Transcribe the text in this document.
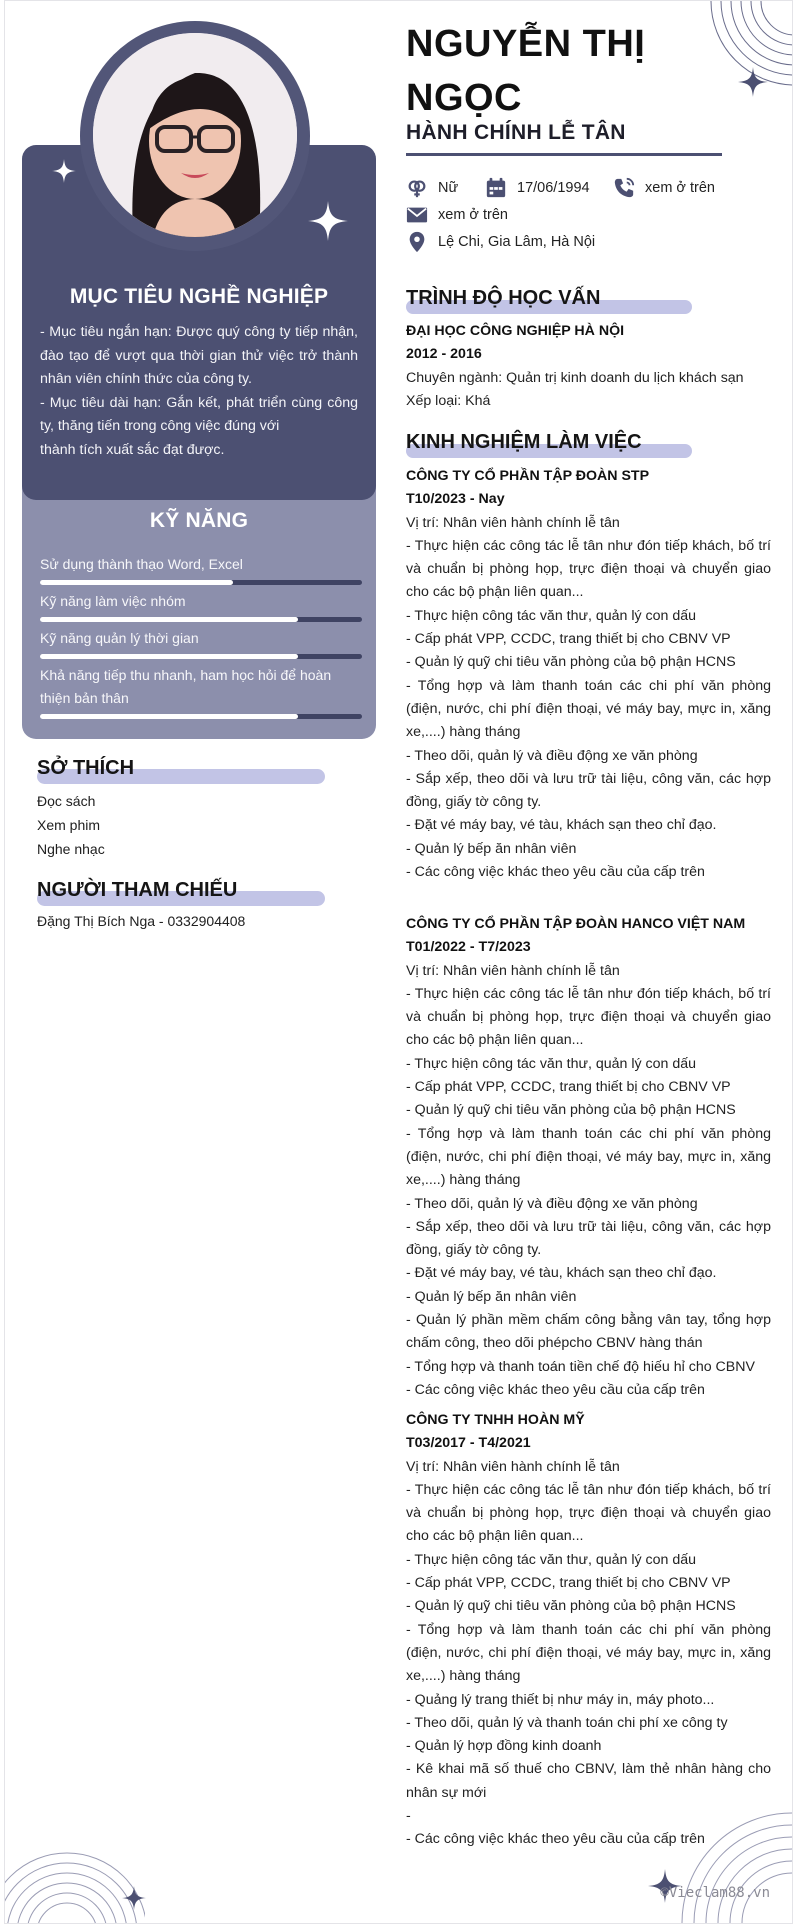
KỸ NĂNG
Sử dụng thành thạo Word, Excel
Kỹ năng làm việc nhóm
Kỹ năng quản lý thời gian
Khả năng tiếp thu nhanh, ham học hỏi để hoàn thiện bản thân
MỤC TIÊU NGHỀ NGHIỆP

- Mục tiêu ngắn hạn: Được quý công ty tiếp nhận, đào tạo để vượt qua thời gian thử việc trở thành nhân viên chính thức của công ty.

- Mục tiêu dài hạn: Gắn kết, phát triển cùng công ty, thăng tiến trong công việc đúng với

thành tích xuất sắc đạt được.

SỞ THÍCH
Đọc sách
Xem phim
Nghe nhạc
NGƯỜI THAM CHIẾU
Đặng Thị Bích Nga - 0332904408
NGUYỄN THỊ
NGỌC
HÀNH CHÍNH LỄ TÂN
Nữ	17/06/1994	xem ở trên
xem ở trên
Lệ Chi, Gia Lâm, Hà Nội
TRÌNH ĐỘ HỌC VẤN

ĐẠI HỌC CÔNG NGHIỆP HÀ NỘI

2012 - 2016

Chuyên ngành: Quản trị kinh doanh du lịch khách sạn

Xếp loại: Khá

KINH NGHIỆM LÀM VIỆC

CÔNG TY CỔ PHẦN TẬP ĐOÀN STP

T10/2023 - Nay

Vị trí: Nhân viên hành chính lễ tân

- Thực hiện các công tác lễ tân như đón tiếp khách, bố trí và chuẩn bị phòng họp, trực điện thoại và chuyển giao cho các bộ phận liên quan...

- Thực hiện công tác văn thư, quản lý con dấu

- Cấp phát VPP, CCDC, trang thiết bị cho CBNV VP

- Quản lý quỹ chi tiêu văn phòng của bộ phận HCNS

- Tổng hợp và làm thanh toán các chi phí văn phòng (điện, nước, chi phí điện thoại, vé máy bay, mực in, xăng xe,....) hàng tháng

- Theo dõi, quản lý và điều động xe văn phòng

- Sắp xếp, theo dõi và lưu trữ tài liệu, công văn, các hợp đồng, giấy tờ công ty.

- Đặt vé máy bay, vé tàu, khách sạn theo chỉ đạo.

- Quản lý bếp ăn nhân viên

- Các công việc khác theo yêu cầu của cấp trên

CÔNG TY CỔ PHẦN TẬP ĐOÀN HANCO VIỆT NAM

T01/2022 - T7/2023

Vị trí: Nhân viên hành chính lễ tân

- Thực hiện các công tác lễ tân như đón tiếp khách, bố trí và chuẩn bị phòng họp, trực điện thoại và chuyển giao cho các bộ phận liên quan...

- Thực hiện công tác văn thư, quản lý con dấu

- Cấp phát VPP, CCDC, trang thiết bị cho CBNV VP

- Quản lý quỹ chi tiêu văn phòng của bộ phận HCNS

- Tổng hợp và làm thanh toán các chi phí văn phòng (điện, nước, chi phí điện thoại, vé máy bay, mực in, xăng xe,....) hàng tháng

- Theo dõi, quản lý và điều động xe văn phòng

- Sắp xếp, theo dõi và lưu trữ tài liệu, công văn, các hợp đồng, giấy tờ công ty.

- Đặt vé máy bay, vé tàu, khách sạn theo chỉ đạo.

- Quản lý bếp ăn nhân viên

- Quản lý phần mềm chấm công bằng vân tay, tổng hợp chấm công, theo dõi phépcho CBNV hàng thán

- Tổng hợp và thanh toán tiền chế độ hiếu hỉ cho CBNV

- Các công việc khác theo yêu cầu của cấp trên

CÔNG TY TNHH HOÀN MỸ

T03/2017 - T4/2021

Vị trí: Nhân viên hành chính lễ tân

- Thực hiện các công tác lễ tân như đón tiếp khách, bố trí và chuẩn bị phòng họp, trực điện thoại và chuyển giao cho các bộ phận liên quan...

- Thực hiện công tác văn thư, quản lý con dấu

- Cấp phát VPP, CCDC, trang thiết bị cho CBNV VP

- Quản lý quỹ chi tiêu văn phòng của bộ phận HCNS

- Tổng hợp và làm thanh toán các chi phí văn phòng (điện, nước, chi phí điện thoại, vé máy bay, mực in, xăng xe,....) hàng tháng

- Quảng lý trang thiết bị như máy in, máy photo...

- Theo dõi, quản lý và thanh toán chi phí xe công ty

- Quản lý hợp đồng kinh doanh

- Kê khai mã số thuế cho CBNV, làm thẻ nhân hàng cho nhân sự mới

-

- Các công việc khác theo yêu cầu của cấp trên

©Vieclam88.vn
